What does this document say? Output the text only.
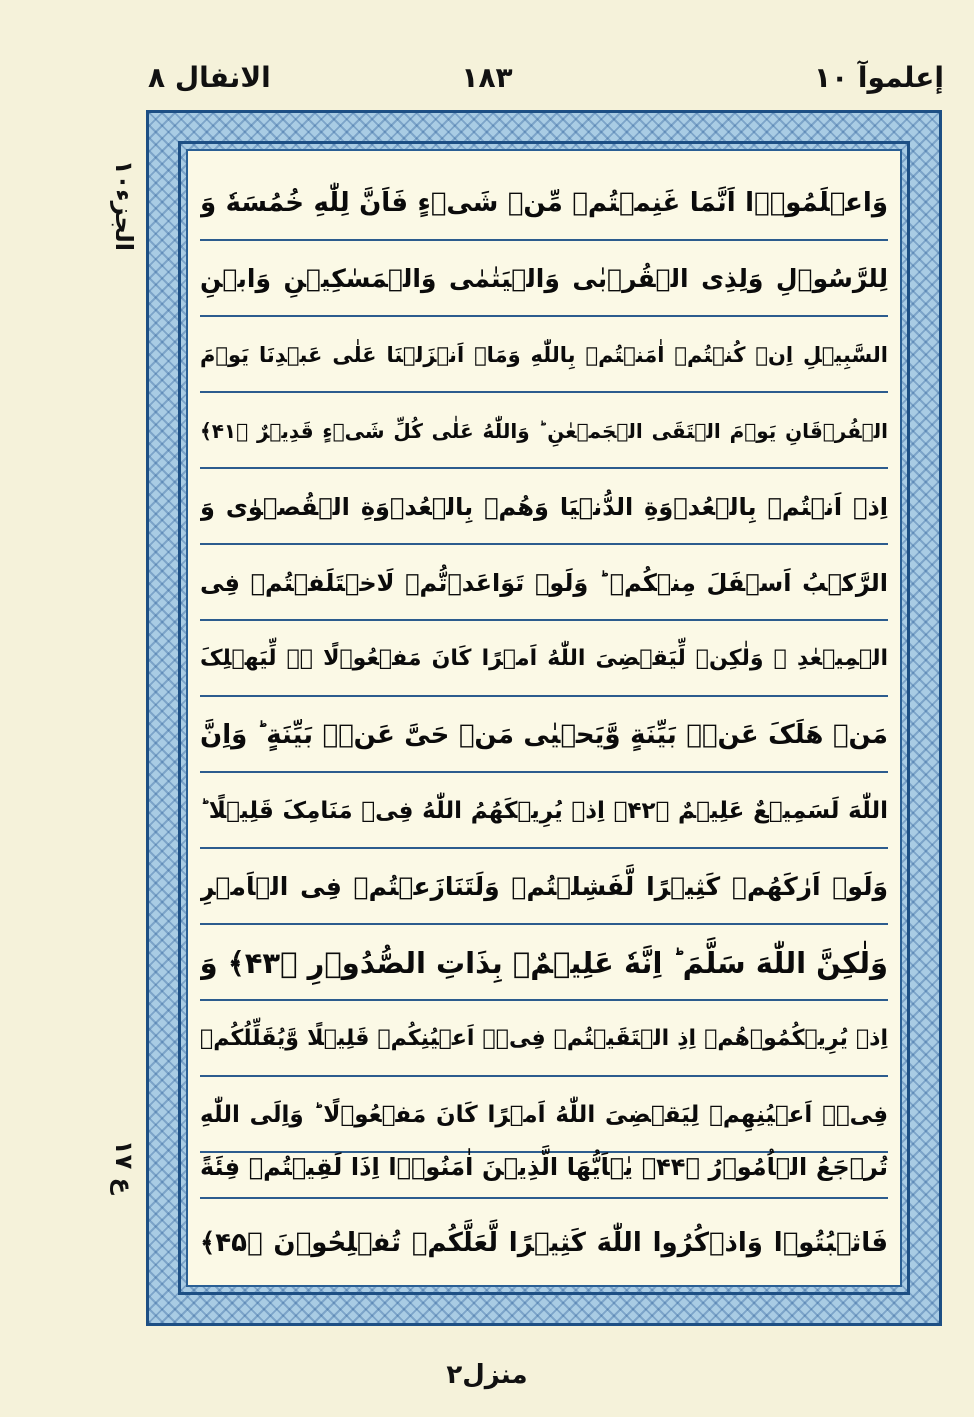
إعلموآ ۱۰
۱۸۳
الانفال ۸
الجزء۱۰
ع ۱۷
وَاعۡلَمُوۡۤا اَنَّمَا غَنِمۡتُمۡ مِّنۡ شَیۡءٍ فَاَنَّ لِلّٰهِ خُمُسَهٗ وَ
لِلرَّسُوۡلِ وَلِذِی الۡقُرۡبٰی وَالۡیَتٰمٰی وَالۡمَسٰکِیۡنِ وَابۡنِ
السَّبِیۡلِ اِنۡ کُنۡتُمۡ اٰمَنۡتُمۡ بِاللّٰهِ وَمَاۤ اَنۡزَلۡنَا عَلٰی عَبۡدِنَا یَوۡمَ
الۡفُرۡقَانِ یَوۡمَ الۡتَقَی الۡجَمۡعٰنِ ؕ وَاللّٰهُ عَلٰی کُلِّ شَیۡءٍ قَدِیۡرٌ ﴿۴۱﴾
اِذۡ اَنۡتُمۡ بِالۡعُدۡوَةِ الدُّنۡیَا وَهُمۡ بِالۡعُدۡوَةِ الۡقُصۡوٰی وَ
الرَّکۡبُ اَسۡفَلَ مِنۡکُمۡ ؕ وَلَوۡ تَوَاعَدۡتُّمۡ لَاخۡتَلَفۡتُمۡ فِی
الۡمِیۡعٰدِ ۙ وَلٰکِنۡ لِّیَقۡضِیَ اللّٰهُ اَمۡرًا کَانَ مَفۡعُوۡلًا ۬ۙ لِّیَهۡلِکَ
مَنۡ هَلَکَ عَنۡۢ بَیِّنَةٍ وَّیَحۡیٰی مَنۡ حَیَّ عَنۡۢ بَیِّنَةٍ ؕ وَاِنَّ
اللّٰهَ لَسَمِیۡعٌ عَلِیۡمٌ ﴿۴۲﴾ اِذۡ یُرِیۡکَهُمُ اللّٰهُ فِیۡ مَنَامِکَ قَلِیۡلًا ؕ
وَلَوۡ اَرٰکَهُمۡ کَثِیۡرًا لَّفَشِلۡتُمۡ وَلَتَنَازَعۡتُمۡ فِی الۡاَمۡرِ
وَلٰکِنَّ اللّٰهَ سَلَّمَ ؕ اِنَّهٗ عَلِیۡمٌۢ بِذَاتِ الصُّدُوۡرِ ﴿۴۳﴾ وَ
اِذۡ یُرِیۡکُمُوۡهُمۡ اِذِ الۡتَقَیۡتُمۡ فِیۡۤ اَعۡیُنِکُمۡ قَلِیۡلًا وَّیُقَلِّلُکُمۡ
فِیۡۤ اَعۡیُنِهِمۡ لِیَقۡضِیَ اللّٰهُ اَمۡرًا کَانَ مَفۡعُوۡلًا ؕ وَاِلَی اللّٰهِ
تُرۡجَعُ الۡاُمُوۡرُ ﴿۴۴﴾ یٰۤاَیُّهَا الَّذِیۡنَ اٰمَنُوۡۤا اِذَا لَقِیۡتُمۡ فِئَةً
فَاثۡبُتُوۡا وَاذۡکُرُوا اللّٰهَ کَثِیۡرًا لَّعَلَّکُمۡ تُفۡلِحُوۡنَ ﴿۴۵﴾
منزل۲
